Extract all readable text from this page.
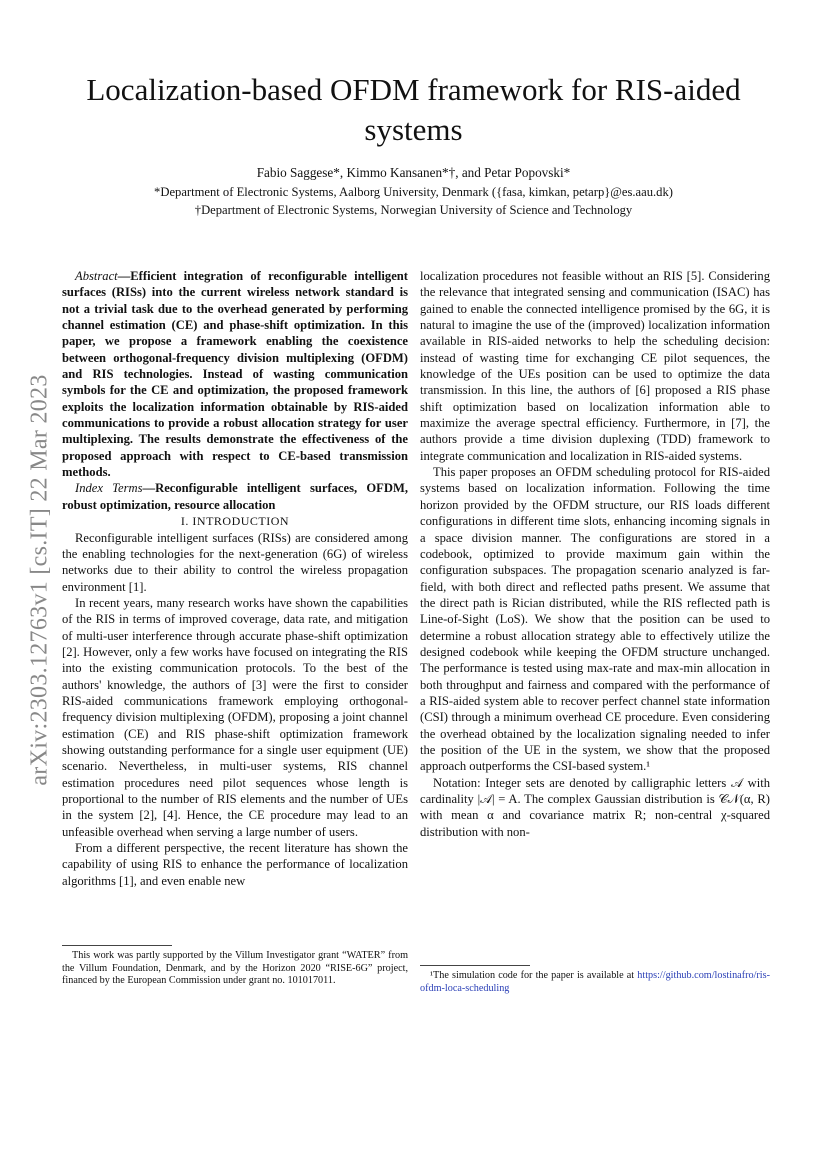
arXiv:2303.12763v1 [cs.IT] 22 Mar 2023
Localization-based OFDM framework for RIS-aided systems
Fabio Saggese*, Kimmo Kansanen*†, and Petar Popovski*
*Department of Electronic Systems, Aalborg University, Denmark ({fasa, kimkan, petarp}@es.aau.dk)
†Department of Electronic Systems, Norwegian University of Science and Technology

Abstract—Efficient integration of reconfigurable intelligent surfaces (RISs) into the current wireless network standard is not a trivial task due to the overhead generated by performing channel estimation (CE) and phase-shift optimization. In this paper, we propose a framework enabling the coexistence between orthogonal-frequency division multiplexing (OFDM) and RIS technologies. Instead of wasting communication symbols for the CE and optimization, the proposed framework exploits the localization information obtainable by RIS-aided communications to provide a robust allocation strategy for user multiplexing. The results demonstrate the effectiveness of the proposed approach with respect to CE-based transmission methods.

Index Terms—Reconfigurable intelligent surfaces, OFDM, robust optimization, resource allocation

I. INTRODUCTION

Reconfigurable intelligent surfaces (RISs) are considered among the enabling technologies for the next-generation (6G) of wireless networks due to their ability to control the wireless propagation environment [1].

In recent years, many research works have shown the capabilities of the RIS in terms of improved coverage, data rate, and mitigation of multi-user interference through accurate phase-shift optimization [2]. However, only a few works have focused on integrating the RIS into the existing communication protocols. To the best of the authors' knowledge, the authors of [3] were the first to consider RIS-aided communications framework employing orthogonal-frequency division multiplexing (OFDM), proposing a joint channel estimation (CE) and RIS phase-shift optimization framework showing outstanding performance for a single user equipment (UE) scenario. Nevertheless, in multi-user systems, RIS channel estimation procedures need pilot sequences whose length is proportional to the number of RIS elements and the number of UEs in the system [2], [4]. Hence, the CE procedure may lead to an unfeasible overhead when serving a large number of users.

From a different perspective, the recent literature has shown the capability of using RIS to enhance the performance of localization algorithms [1], and even enable new

This work was partly supported by the Villum Investigator grant “WATER” from the Villum Foundation, Denmark, and by the Horizon 2020 “RISE-6G” project, financed by the European Commission under grant no. 101017011.

localization procedures not feasible without an RIS [5]. Considering the relevance that integrated sensing and communication (ISAC) has gained to enable the connected intelligence promised by the 6G, it is natural to imagine the use of the (improved) localization information available in RIS-aided networks to help the scheduling decision: instead of wasting time for exchanging CE pilot sequences, the knowledge of the UEs position can be used to optimize the data transmission. In this line, the authors of [6] proposed a RIS phase shift optimization based on localization information able to maximize the average spectral efficiency. Furthermore, in [7], the authors provide a time division duplexing (TDD) framework to integrate communication and localization in RIS-aided systems.

This paper proposes an OFDM scheduling protocol for RIS-aided systems based on localization information. Following the time horizon provided by the OFDM structure, our RIS loads different configurations in different time slots, enhancing incoming signals in a space division manner. The configurations are stored in a codebook, optimized to provide maximum gain within the configuration subspaces. The propagation scenario analyzed is far-field, with both direct and reflected paths present. We assume that the direct path is Rician distributed, while the RIS reflected path is Line-of-Sight (LoS). We show that the position can be used to determine a robust allocation strategy able to effectively utilize the designed codebook while keeping the OFDM structure unchanged. The performance is tested using max-rate and max-min allocation in both throughput and fairness and compared with the performance of a RIS-aided system able to recover perfect channel state information (CSI) through a minimum overhead CE procedure. Even considering the overhead obtained by the localization signaling needed to infer the position of the UE in the system, we show that the proposed approach outperforms the CSI-based system.¹

Notation: Integer sets are denoted by calligraphic letters 𝒜 with cardinality |𝒜| = A. The complex Gaussian distribution is 𝒞𝒩(α, R) with mean α and covariance matrix R; non-central χ-squared distribution with non-

¹The simulation code for the paper is available at https://github.com/lostinafro/ris-ofdm-loca-scheduling
